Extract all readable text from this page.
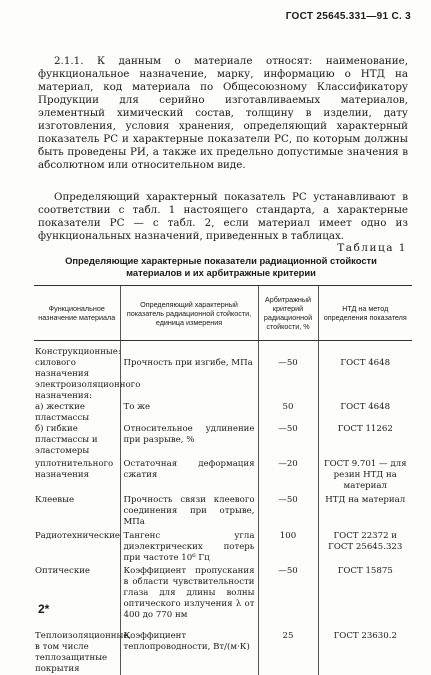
ГОСТ 25645.331—91 С. 3

2.1.1. К данным о материале относят: наименование, функциональное назначение, марку, информацию о НТД на материал, код материала по Общесоюзному Классификатору Продукции для серийно изготавливаемых материалов, элементный химический состав, толщину в изделии, дату изготовления, условия хранения, определяющий характерный показатель РС и характерные показатели РС, по которым должны быть проведены РИ, а также их предельно допустимые значения в абсолютном или относительном виде.

Определяющий характерный показатель РС устанавливают в соответствии с табл. 1 настоящего стандарта, а характерные показатели РС — с табл. 2, если материал имеет одно из функциональных назначений, приведенных в таблицах.

Таблица 1
Определяющие характерные показатели радиационной стойкости материалов и их арбитражные критерии
Функциональное назначение материала	Определяющий характерный показатель радиационной стойкости, единица измерения	Арбитражный критерий радиационной стойкости, %	НТД на метод определения показателя
Конструкционные:			
силового назначения	Прочность при изгибе, МПа	—50	ГОСТ 4648
электроизоляционного назначения:			
а) жесткие пластмассы	То же	50	ГОСТ 4648
б) гибкие пластмассы и эластомеры	Относительное удлинение при разрыве, %	—50	ГОСТ 11262
уплотнительного назначения	Остаточная деформация сжатия	—20	ГОСТ 9.701 — для резин НТД на материал
Клеевые	Прочность связи клеевого соединения при отрыве, МПа	—50	НТД на материал
Радиотехнические	Тангенс угла диэлектрических потерь при частоте 10⁶ Гц	100	ГОСТ 22372 и ГОСТ 25645.323
Оптические	Коэффициент пропускания в области чувствительности глаза для длины волны оптического излучения λ от 400 до 770 нм	—50	ГОСТ 15875
Теплоизоляционные, в том числе теплозащитные покрытия	Коэффициент теплопроводности, Вт/(м·К)	25	ГОСТ 23630.2
2*
